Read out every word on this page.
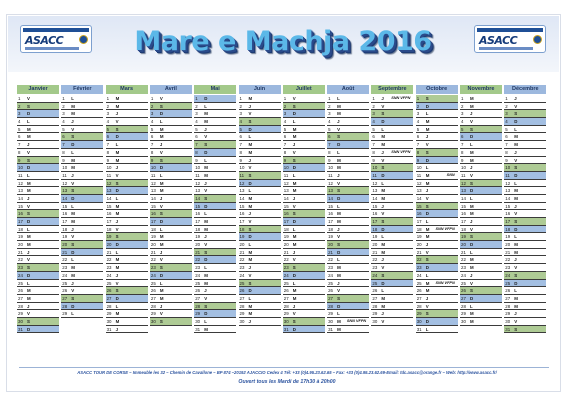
ASACC	Mare e Machja 2016	ASACC
Janvier
1	V
2	S
3	D
4	L
5	M
6	M
7	J
8	V
9	S
10 D
11	L
12 M
13 M
14 J
15 V
16 S
17 D
18 L
19 M
20 M
21 J
22 V
23 S
24 D
25 L
26 M
27 M
28 J
29 V
30 S
31 D
Février
1	L
2	M
3	M
4	J
5	V
6	S
7	D
8	L
9	M
10 M
11	J
12 V
13 S
14 D
15 L
16 M
17 M
18 J
19 V
20 S
21 D
22 L
23 M
24 M
25 J
26 V
27 S
28 D
29 L
Mars
1	M
2	M
3	J
4	V
5	S
6	D
7	L
8	M
9	M
10 J
11	V
12 S
13 D
14 L
15 M
16 M
17 J
18 V
19 S
20 D
21 L
22 M
23 M
24 J
25 V
26 S
27 D
28 L
29 M
30 M
31 J
Avril
1	V
2	S
3	D
4	L
5	M
6	M
7	J
8	V
9	S
10 D
11	L
12 M
13 M
14 J
15 V
16 S
17 D
18 L
19 M
20 M
21 J
22 V
23 S
24 D
25 L
26 M
27 M
28 J
29 V
30 S
Mai
1	D
2	L
3	M
4	M
5	J
6	V
7	S
8	D
9	L
10 M
11	M
12 J
13 V
14 S
15 D
16 L
17 M
18 M
19 J
20 V
21 S
22 D
23 L
24 M
25 M
26 J
27 V
28 S
29 D
30 L
31 M
Juin
1	M
2	J
3	V
4	S
5	D
6	L
7	M
8	M
9	J
10 V
11	S
12 D
13 L
14 M
15 M
16 J
17 V
18 S
19 D
20 L
21 M
22 M
23 J
24 V
25 S
26 D
27 L
28 M
29 M
30 J
Juillet
1	V
2	S
3	D
4	L
5	M
6	M
7	J
8	V
9	S
10 D
11	L
12 M
13 M
14 J
15 V
16 S
17 D
18 L
19 M
20 M
21 J
22 V
23 S
24 D
25 L
26 M
27 M
28 J
29 V
30 S
31 D
Août
1	L
2	M
3	M
4	J
5	V
6	S
7	D
8	L
9	M
10 M
11	J
12 V
13 S
14 D
15 L
16 M
17 M
18 J
19 V
20 S
21 D
22 L
23 M
24 M
25 J
26 V
27 S
28 D
29 L
30 M SNN VFPN
31 M
Septembre
1	J SNN VFPN
2	V
3	S
4	D
5	L
6	M
7	M
8	J SNN VFPN
9	V
10 S
11	D
12 L
13 M
14 M
15 J
16 V
17 S
18 D
19 L
20 M
21 M
22 J
23 V
24 S
25 D
26 L
27 M
28 M
29 J
30 V
Octobre
1	S
2	D
3	L
4	M
5	M
6	J
7	V
8	S
9	D
10 L
11	M	SNN
12 M
13 J
14 V
15 S
16 D
17 L
18 M SNN VFPN
19 M
20 J
21 V
22 S
23 D
24 L
25 M SNN VFPN
26 M
27 J
28 V
29 S
30 D
31 L
Novembre
1	M
2	M
3	J
4	V
5	S
6	D
7	L
8	M
9	M
10 J
11	V
12 S
13 D
14 L
15 M
16 M
17 J
18 V
19 S
20 D
21 L
22 M
23 M
24 J
25 V
26 S
27 D
28 L
29 M
30 M
Décembre
1	J
2	V
3	S
4	D
5	L
6	M
7	M
8	J
9	V
10 S
11	D
12 L
13 M
14 M
15 J
16 V
17 S
18 D
19 L
20 M
21 M
22 J
23 V
24 S
25 D
26 L
27 M
28 M
29 J
30 V
31 S
ASACC TOUR DE CORSE – Immeuble les 32 – Chemin de Cavallone – BP 874 –20192 AJACCIO Cedex 4 Tél: +33 (0)4.95.23.62.65 – Fax: +33 (0)4.95.23.62.69-Email: tdc.asacc@orange.fr – Web: http://www.asacc.fr/
Ouvert tous les Mardi de 17h30 à 20h00
